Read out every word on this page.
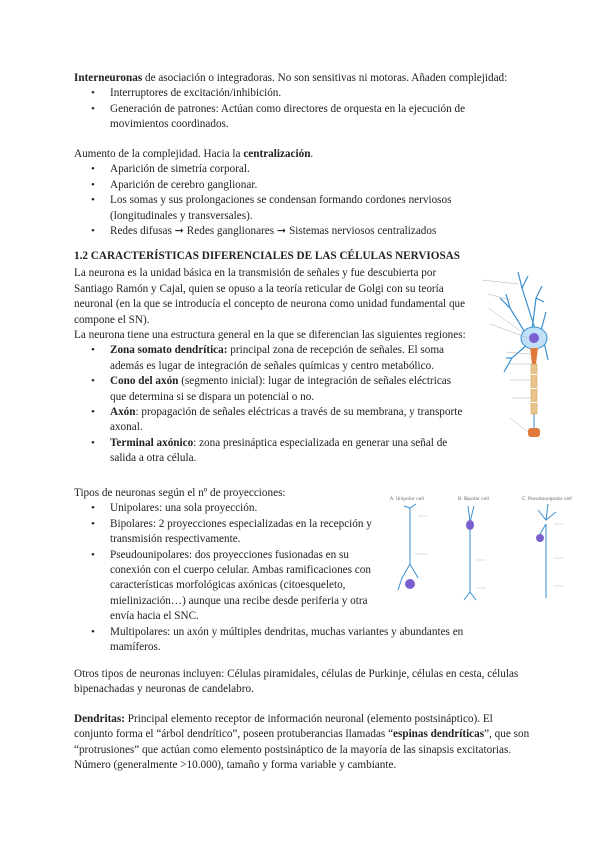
Interneuronas de asociación o integradoras. No son sensitivas ni motoras. Añaden complejidad:

• Interruptores de excitación/inhibición.
• Generación de patrones: Actúan como directores de orquesta en la ejecución de movimientos coordinados.

Aumento de la complejidad. Hacia la centralización.

• Aparición de simetría corporal.
• Aparición de cerebro ganglionar.
• Los somas y sus prolongaciones se condensan formando cordones nerviosos (longitudinales y transversales).
• Redes difusas ➞ Redes ganglionares ➞ Sistemas nerviosos centralizados

1.2 CARACTERÍSTICAS DIFERENCIALES DE LAS CÉLULAS NERVIOSAS

La neurona es la unidad básica en la transmisión de señales y fue descubierta por Santiago Ramón y Cajal, quien se opuso a la teoría reticular de Golgi con su teoría neuronal (en la que se introducía el concepto de neurona como unidad fundamental que compone el SN).

La neurona tiene una estructura general en la que se diferencian las siguientes regiones:

• Zona somato dendrítica: principal zona de recepción de señales. El soma además es lugar de integración de señales químicas y centro metabólico.
• Cono del axón (segmento inicial): lugar de integración de señales eléctricas que determina si se dispara un potencial o no.
• Axón: propagación de señales eléctricas a través de su membrana, y transporte axonal.
• Terminal axónico: zona presináptica especializada en generar una señal de salida a otra célula.

Tipos de neuronas según el nº de proyecciones:

• Unipolares: una sola proyección.
• Bipolares: 2 proyecciones especializadas en la recepción y transmisión respectivamente.
• Pseudounipolares: dos proyecciones fusionadas en su conexión con el cuerpo celular. Ambas ramificaciones con características morfológicas axónicas (citoesqueleto, mielinización…) aunque una recibe desde periferia y otra envía hacia el SNC.
• Multipolares: un axón y múltiples dendritas, muchas variantes y abundantes en mamíferos.
A. Unipolar cell	B. Bipolar cell	C. Pseudounipolar cell

Otros tipos de neuronas incluyen: Células piramidales, células de Purkinje, células en cesta, células bipenachadas y neuronas de candelabro.

Dendritas: Principal elemento receptor de información neuronal (elemento postsináptico). El conjunto forma el “árbol dendrítico”, poseen protuberancias llamadas “espinas dendríticas”, que son “protrusiones” que actúan como elemento postsináptico de la mayoría de las sinapsis excitatorias. Número (generalmente >10.000), tamaño y forma variable y cambiante.
